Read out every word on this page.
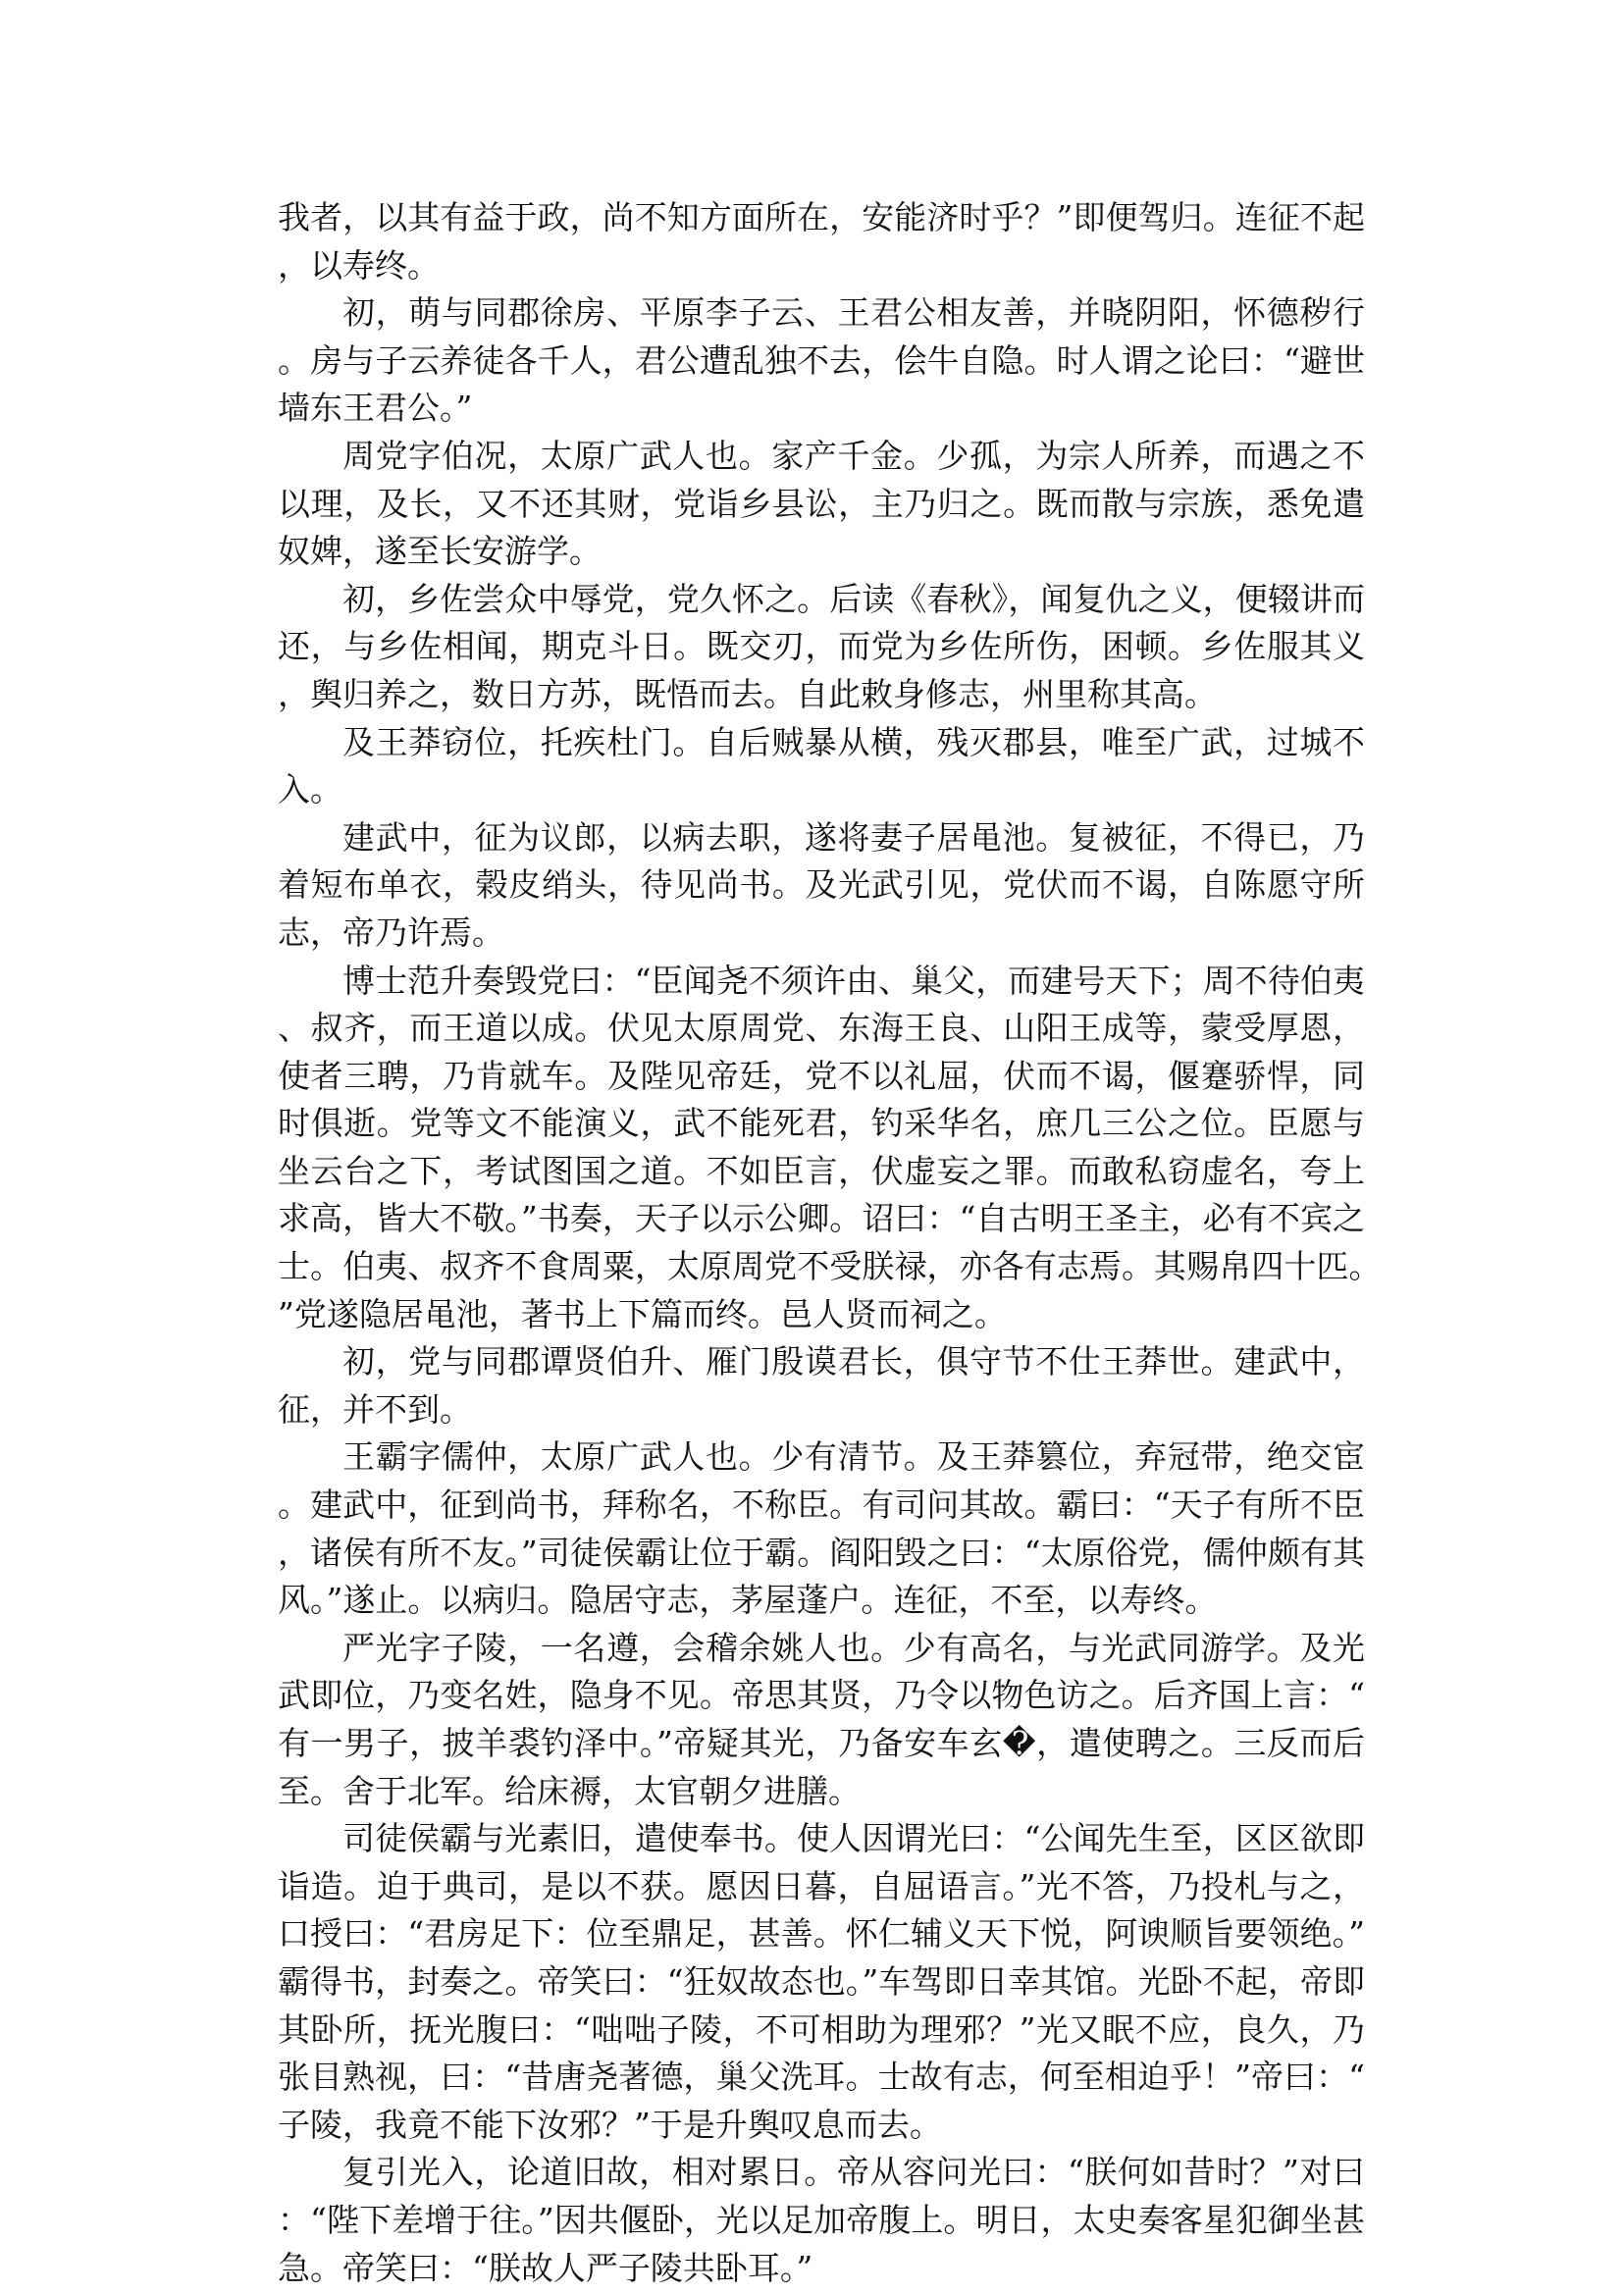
我者，以其有益于政，尚不知方面所在，安能济时乎？”即便驾归。连征不起，以寿终。

初，萌与同郡徐房、平原李子云、王君公相友善，并晓阴阳，怀德秽行。房与子云养徒各千人，君公遭乱独不去，侩牛自隐。时人谓之论曰：“避世墙东王君公。”

周党字伯况，太原广武人也。家产千金。少孤，为宗人所养，而遇之不以理，及长，又不还其财，党诣乡县讼，主乃归之。既而散与宗族，悉免遣奴婢，遂至长安游学。

初，乡佐尝众中辱党，党久怀之。后读《春秋》，闻复仇之义，便辍讲而还，与乡佐相闻，期克斗日。既交刃，而党为乡佐所伤，困顿。乡佐服其义，舆归养之，数日方苏，既悟而去。自此敕身修志，州里称其高。

及王莽窃位，托疾杜门。自后贼暴从横，残灭郡县，唯至广武，过城不入。

建武中，征为议郎，以病去职，遂将妻子居黾池。复被征，不得已，乃着短布单衣，榖皮绡头，待见尚书。及光武引见，党伏而不谒，自陈愿守所志，帝乃许焉。

博士范升奏毁党曰：“臣闻尧不须许由、巢父，而建号天下；周不待伯夷、叔齐，而王道以成。伏见太原周党、东海王良、山阳王成等，蒙受厚恩，使者三聘，乃肯就车。及陛见帝廷，党不以礼屈，伏而不谒，偃蹇骄悍，同时俱逝。党等文不能演义，武不能死君，钓采华名，庶几三公之位。臣愿与坐云台之下，考试图国之道。不如臣言，伏虚妄之罪。而敢私窃虚名，夸上求高，皆大不敬。”书奏，天子以示公卿。诏曰：“自古明王圣主，必有不宾之士。伯夷、叔齐不食周粟，太原周党不受朕禄，亦各有志焉。其赐帛四十匹。”党遂隐居黾池，著书上下篇而终。邑人贤而祠之。

初，党与同郡谭贤伯升、雁门殷谟君长，俱守节不仕王莽世。建武中，征，并不到。

王霸字儒仲，太原广武人也。少有清节。及王莽篡位，弃冠带，绝交宦。建武中，征到尚书，拜称名，不称臣。有司问其故。霸曰：“天子有所不臣，诸侯有所不友。”司徒侯霸让位于霸。阎阳毁之曰：“太原俗党，儒仲颇有其风。”遂止。以病归。隐居守志，茅屋蓬户。连征，不至，以寿终。

严光字子陵，一名遵，会稽余姚人也。少有高名，与光武同游学。及光武即位，乃变名姓，隐身不见。帝思其贤，乃令以物色访之。后齐国上言：“有一男子，披羊裘钓泽中。”帝疑其光，乃备安车玄�，遣使聘之。三反而后至。舍于北军。给床褥，太官朝夕进膳。

司徒侯霸与光素旧，遣使奉书。使人因谓光曰：“公闻先生至，区区欲即诣造。迫于典司，是以不获。愿因日暮，自屈语言。”光不答，乃投札与之，口授曰：“君房足下：位至鼎足，甚善。怀仁辅义天下悦，阿谀顺旨要领绝。”霸得书，封奏之。帝笑曰：“狂奴故态也。”车驾即日幸其馆。光卧不起，帝即其卧所，抚光腹曰：“咄咄子陵，不可相助为理邪？”光又眠不应，良久，乃张目熟视，曰：“昔唐尧著德，巢父洗耳。士故有志，何至相迫乎！”帝曰：“子陵，我竟不能下汝邪？”于是升舆叹息而去。

复引光入，论道旧故，相对累日。帝从容问光曰：“朕何如昔时？”对曰：“陛下差增于往。”因共偃卧，光以足加帝腹上。明日，太史奏客星犯御坐甚急。帝笑曰：“朕故人严子陵共卧耳。”
